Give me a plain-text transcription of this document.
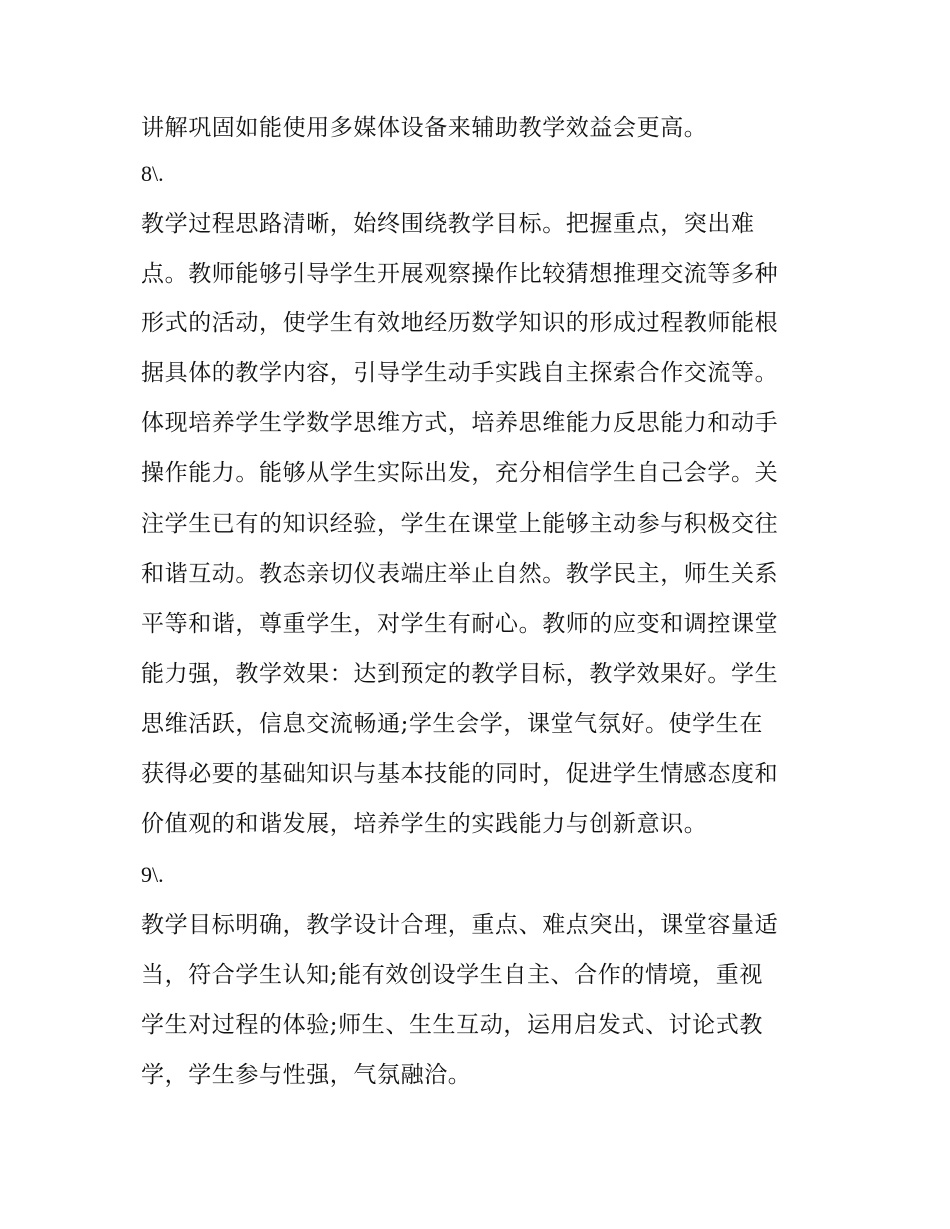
讲解巩固如能使用多媒体设备来辅助教学效益会更高。
8\.
教学过程思路清晰，始终围绕教学目标。把握重点，突出难
点。教师能够引导学生开展观察操作比较猜想推理交流等多种
形式的活动，使学生有效地经历数学知识的形成过程教师能根
据具体的教学内容，引导学生动手实践自主探索合作交流等。
体现培养学生学数学思维方式，培养思维能力反思能力和动手
操作能力。能够从学生实际出发，充分相信学生自己会学。关
注学生已有的知识经验，学生在课堂上能够主动参与积极交往
和谐互动。教态亲切仪表端庄举止自然。教学民主，师生关系
平等和谐，尊重学生，对学生有耐心。教师的应变和调控课堂
能力强，教学效果：达到预定的教学目标，教学效果好。学生
思维活跃，信息交流畅通;学生会学，课堂气氛好。使学生在
获得必要的基础知识与基本技能的同时，促进学生情感态度和
价值观的和谐发展，培养学生的实践能力与创新意识。
9\.
教学目标明确，教学设计合理，重点、难点突出，课堂容量适
当，符合学生认知;能有效创设学生自主、合作的情境，重视
学生对过程的体验;师生、生生互动，运用启发式、讨论式教
学，学生参与性强，气氛融洽。
